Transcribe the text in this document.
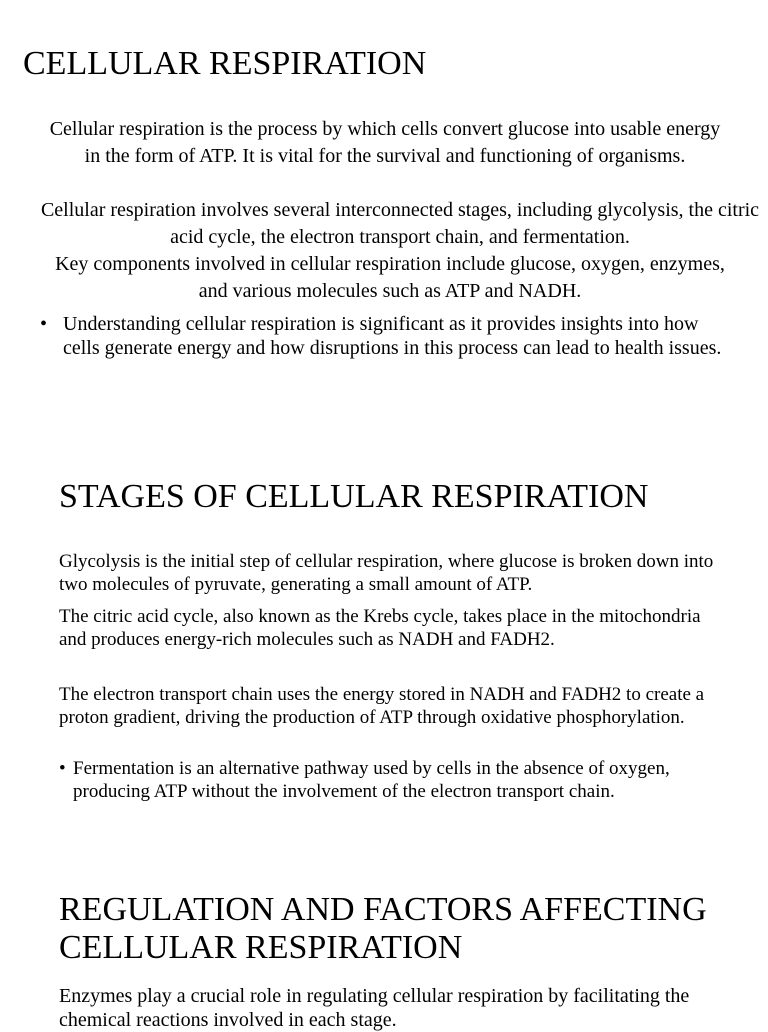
CELLULAR RESPIRATION

Cellular respiration is the process by which cells convert glucose into usable energy in the form of ATP. It is vital for the survival and functioning of organisms.

Cellular respiration involves several interconnected stages, including glycolysis, the citric acid cycle, the electron transport chain, and fermentation.

Key components involved in cellular respiration include glucose, oxygen, enzymes, and various molecules such as ATP and NADH.

• Understanding cellular respiration is significant as it provides insights into how cells generate energy and how disruptions in this process can lead to health issues.
STAGES OF CELLULAR RESPIRATION

Glycolysis is the initial step of cellular respiration, where glucose is broken down into two molecules of pyruvate, generating a small amount of ATP.

The citric acid cycle, also known as the Krebs cycle, takes place in the mitochondria and produces energy-rich molecules such as NADH and FADH2.

The electron transport chain uses the energy stored in NADH and FADH2 to create a proton gradient, driving the production of ATP through oxidative phosphorylation.

• Fermentation is an alternative pathway used by cells in the absence of oxygen, producing ATP without the involvement of the electron transport chain.
REGULATION AND FACTORS AFFECTING CELLULAR RESPIRATION

Enzymes play a crucial role in regulating cellular respiration by facilitating the chemical reactions involved in each stage.
